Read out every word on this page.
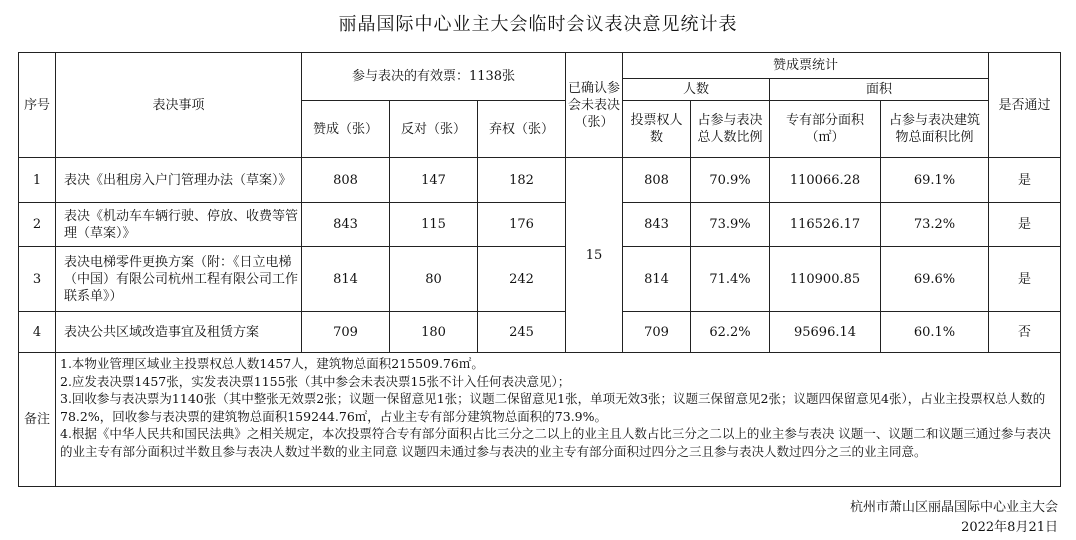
丽晶国际中心业主大会临时会议表决意见统计表
序号	表决事项	参与表决的有效票：1138张			已确认参会未表决（张）	赞成票统计				是否通过
						人数		面积		
		赞成（张）	反对（张）	弃权（张）		投票权人数	占参与表决总人数比例	专有部分面积（㎡）	占参与表决建筑物总面积比例	
1	表决《出租房入户门管理办法（草案）》	808	147	182	15	808	70.9%	110066.28	69.1%	是
2	表决《机动车车辆行驶、停放、收费等管理（草案）》	843	115	176		843	73.9%	116526.17	73.2%	是
3	表决电梯零件更换方案（附：《日立电梯（中国）有限公司杭州工程有限公司工作联系单》）	814	80	242		814	71.4%	110900.85	69.6%	是
4	表决公共区域改造事宜及租赁方案	709	180	245		709	62.2%	95696.14	60.1%	否
备注	1.本物业管理区域业主投票权总人数1457人，建筑物总面积215509.76㎡。
2.应发表决票1457张，实发表决票1155张（其中参会未表决票15张不计入任何表决意见）；
3.回收参与表决票为1140张（其中整张无效票2张；议题一保留意见1张；议题二保留意见1张，单项无效3张；议题三保留意见2张；议题四保留意见4张），占业主投票权总人数的78.2%，回收参与表决票的建筑物总面积159244.76㎡，占业主专有部分建筑物总面积的73.9%。
4.根据《中华人民共和国民法典》之相关规定，本次投票符合专有部分面积占比三分之二以上的业主且人数占比三分之二以上的业主参与表决 议题一、议题二和议题三通过参与表决的业主专有部分面积过半数且参与表决人数过半数的业主同意 议题四未通过参与表决的业主专有部分面积过四分之三且参与表决人数过四分之三的业主同意。									
杭州市萧山区丽晶国际中心业主大会
2022年8月21日
